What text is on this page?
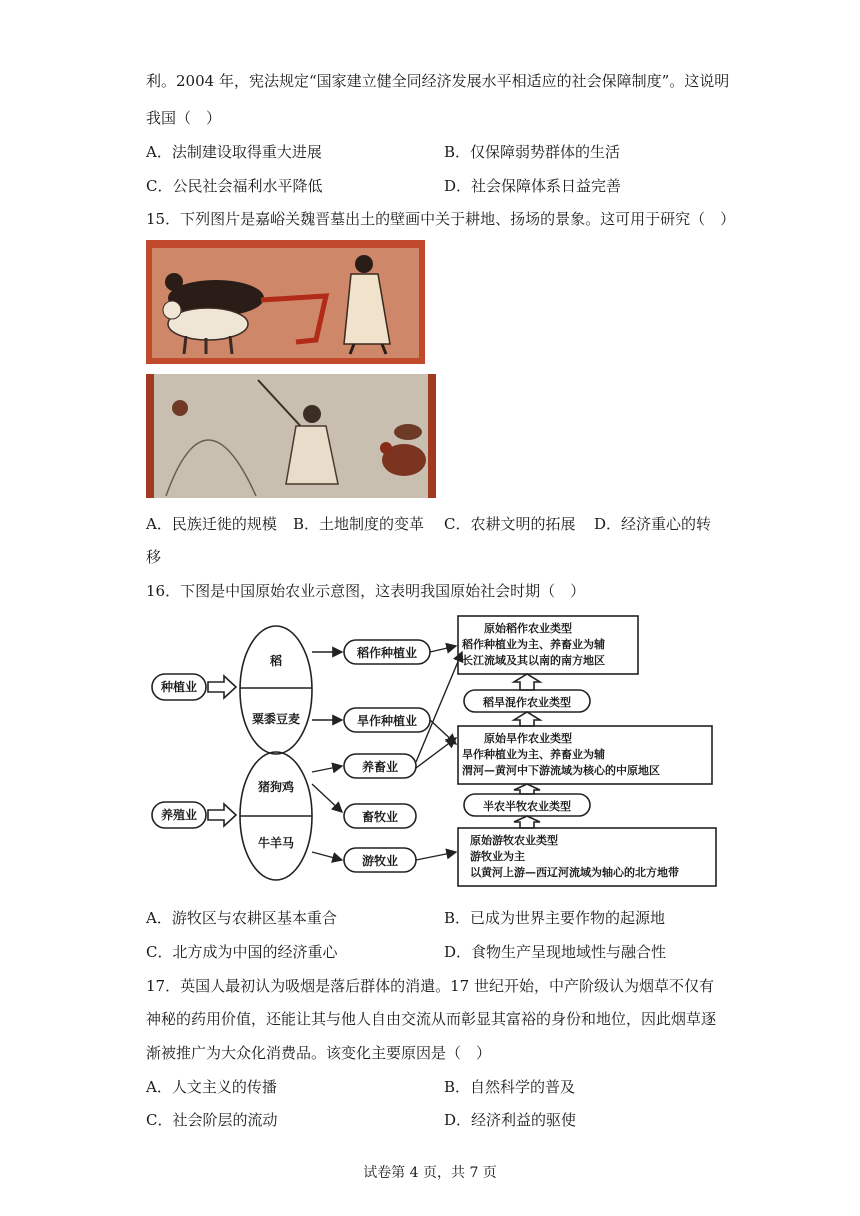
利。2004 年，宪法规定“国家建立健全同经济发展水平相适应的社会保障制度”。这说明
我国（　）
A．法制建设取得重大进展	B．仅保障弱势群体的生活
C．公民社会福利水平降低	D．社会保障体系日益完善
15．下列图片是嘉峪关魏晋墓出土的壁画中关于耕地、扬场的景象。这可用于研究（　）
A．民族迁徙的规模 B．土地制度的变革 C．农耕文明的拓展 D．经济重心的转
移
16．下图是中国原始农业示意图，这表明我国原始社会时期（　）
种植业
养殖业
稻
粟黍豆麦
猪狗鸡
牛羊马
稻作种植业
旱作种植业
养畜业
畜牧业
游牧业
原始稻作农业类型
稻作种植业为主、养畜业为辅
长江流域及其以南的南方地区
稻旱混作农业类型
原始旱作农业类型
旱作种植业为主、养畜业为辅
渭河—黄河中下游流域为核心的中原地区
半农半牧农业类型
原始游牧农业类型
游牧业为主
以黄河上游—西辽河流域为轴心的北方地带
A．游牧区与农耕区基本重合	B．已成为世界主要作物的起源地
C．北方成为中国的经济重心	D．食物生产呈现地域性与融合性
17．英国人最初认为吸烟是落后群体的消遣。17 世纪开始，中产阶级认为烟草不仅有
神秘的药用价值，还能让其与他人自由交流从而彰显其富裕的身份和地位，因此烟草逐
渐被推广为大众化消费品。该变化主要原因是（　）
A．人文主义的传播	B．自然科学的普及
C．社会阶层的流动	D．经济利益的驱使
试卷第 4 页，共 7 页
